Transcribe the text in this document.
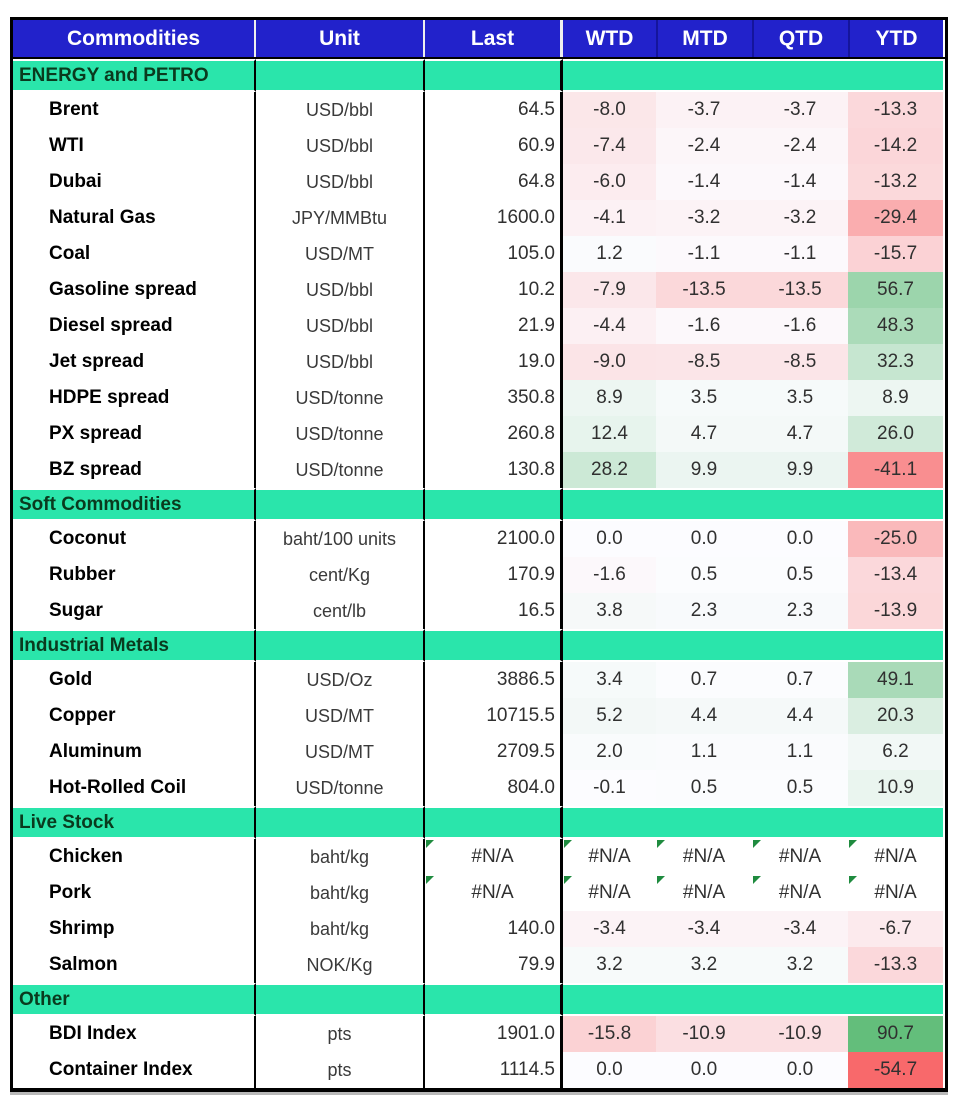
Commodities	Unit	Last	WTD	MTD	QTD	YTD
ENERGY and PETRO
Brent	USD/bbl	64.5	-8.0	-3.7	-3.7	-13.3
WTI	USD/bbl	60.9	-7.4	-2.4	-2.4	-14.2
Dubai	USD/bbl	64.8	-6.0	-1.4	-1.4	-13.2
Natural Gas	JPY/MMBtu	1600.0	-4.1	-3.2	-3.2	-29.4
Coal	USD/MT	105.0	1.2	-1.1	-1.1	-15.7
Gasoline spread	USD/bbl	10.2	-7.9	-13.5	-13.5	56.7
Diesel spread	USD/bbl	21.9	-4.4	-1.6	-1.6	48.3
Jet spread	USD/bbl	19.0	-9.0	-8.5	-8.5	32.3
HDPE spread	USD/tonne	350.8	8.9	3.5	3.5	8.9
PX spread	USD/tonne	260.8	12.4	4.7	4.7	26.0
BZ spread	USD/tonne	130.8	28.2	9.9	9.9	-41.1
Soft Commodities
Coconut	baht/100 units	2100.0	0.0	0.0	0.0	-25.0
Rubber	cent/Kg	170.9	-1.6	0.5	0.5	-13.4
Sugar	cent/lb	16.5	3.8	2.3	2.3	-13.9
Industrial Metals
Gold	USD/Oz	3886.5	3.4	0.7	0.7	49.1
Copper	USD/MT	10715.5	5.2	4.4	4.4	20.3
Aluminum	USD/MT	2709.5	2.0	1.1	1.1	6.2
Hot-Rolled Coil	USD/tonne	804.0	-0.1	0.5	0.5	10.9
Live Stock
Chicken	baht/kg	#N/A	#N/A	#N/A	#N/A	#N/A
Pork	baht/kg	#N/A	#N/A	#N/A	#N/A	#N/A
Shrimp	baht/kg	140.0	-3.4	-3.4	-3.4	-6.7
Salmon	NOK/Kg	79.9	3.2	3.2	3.2	-13.3
Other
BDI Index	pts	1901.0	-15.8	-10.9	-10.9	90.7
Container Index	pts	1114.5	0.0	0.0	0.0	-54.7
